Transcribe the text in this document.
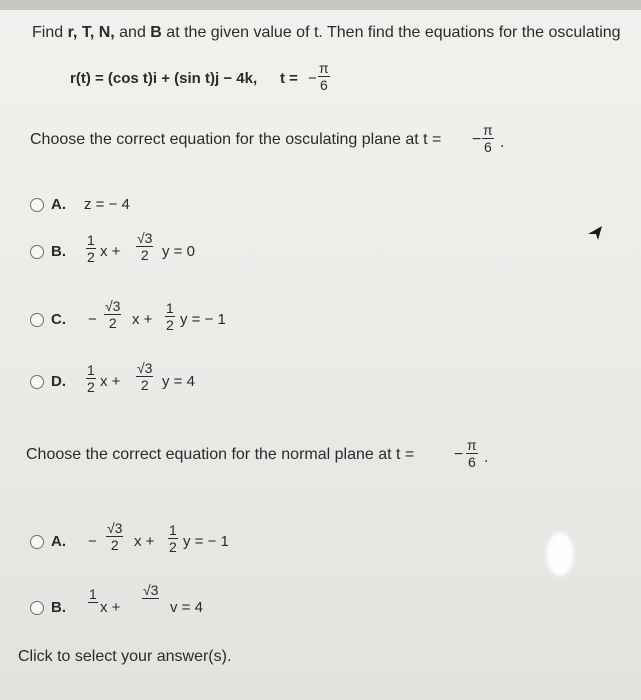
Find r, T, N, and B at the given value of t. Then find the equations for the osculating
r(t) = (cos t)i + (sin t)j − 4k, t = − $\frac{\pi}{6}$
Choose the correct equation for the osculating plane at t = − $\frac{\pi}{6}$ .
A. z = − 4
B. $\frac{1}{2}$ $x + \frac{√3}{2}$ y = 0
C. − $\frac{√3}{2}$ $x + \frac{1}{2}$ y = − 1
D. $\frac{1}{2}$ $x + \frac{√3}{2}$ y = 4
Choose the correct equation for the normal plane at t = − $\frac{\pi}{6}$ .
A. − $\frac{√3}{2}$ $x + \frac{1}{2}$ y = − 1
B.
1
x +
√3
v = 4
Click to select your answer(s).
